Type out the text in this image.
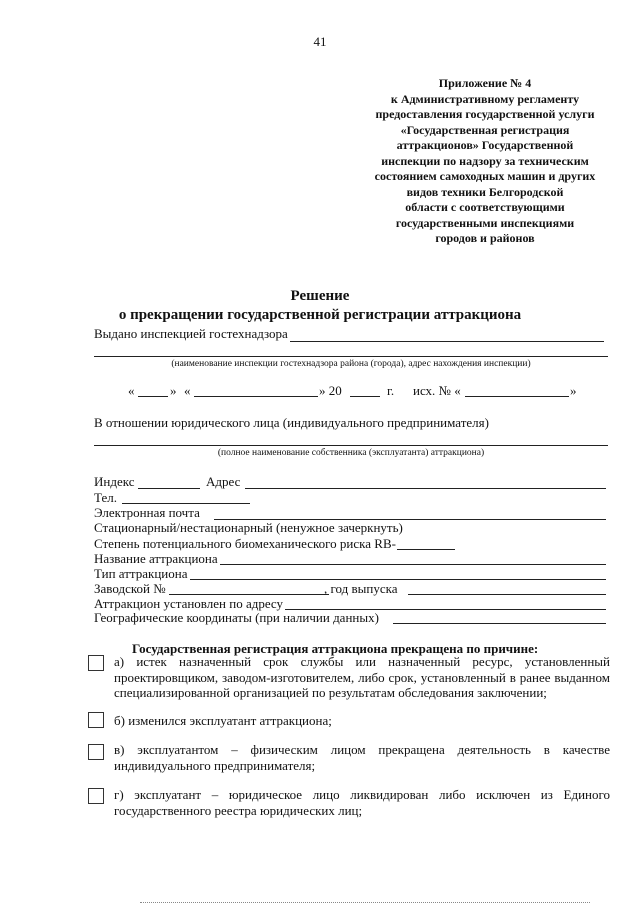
41
Приложение № 4
к Административному регламенту
предоставления государственной услуги
«Государственная регистрация
аттракционов» Государственной
инспекции по надзору за техническим
состоянием самоходных машин и других
видов техники Белгородской
области с соответствующими
государственными инспекциями
городов и районов
Решение
о прекращении государственной регистрации аттракциона
Выдано инспекцией гостехнадзора
(наименование инспекции гостехнадзора района (города), адрес нахождения инспекции)
«	» «	» 20	г. исх. № «	»
В отношении юридического лица (индивидуального предпринимателя)
(полное наименование собственника (эксплуатанта) аттракциона)
Индекс	Адрес
Тел.
Электронная почта
Стационарный/нестационарный (ненужное зачеркнуть)
Степень потенциального биомеханического риска RB-
Название аттракциона
Тип аттракциона
Заводской №	, год выпуска
Аттракцион установлен по адресу
Географические координаты (при наличии данных)
Государственная регистрация аттракциона прекращена по причине:
а) истек назначенный срок службы или назначенный ресурс, установленный проектировщиком, заводом-изготовителем, либо срок, установленный в ранее выданном специализированной организацией по результатам обследования заключении;
б) изменился эксплуатант аттракциона;
в) эксплуатантом – физическим лицом прекращена деятельность в качестве индивидуального предпринимателя;
г) эксплуатант – юридическое лицо ликвидирован либо исключен из Единого государственного реестра юридических лиц;
